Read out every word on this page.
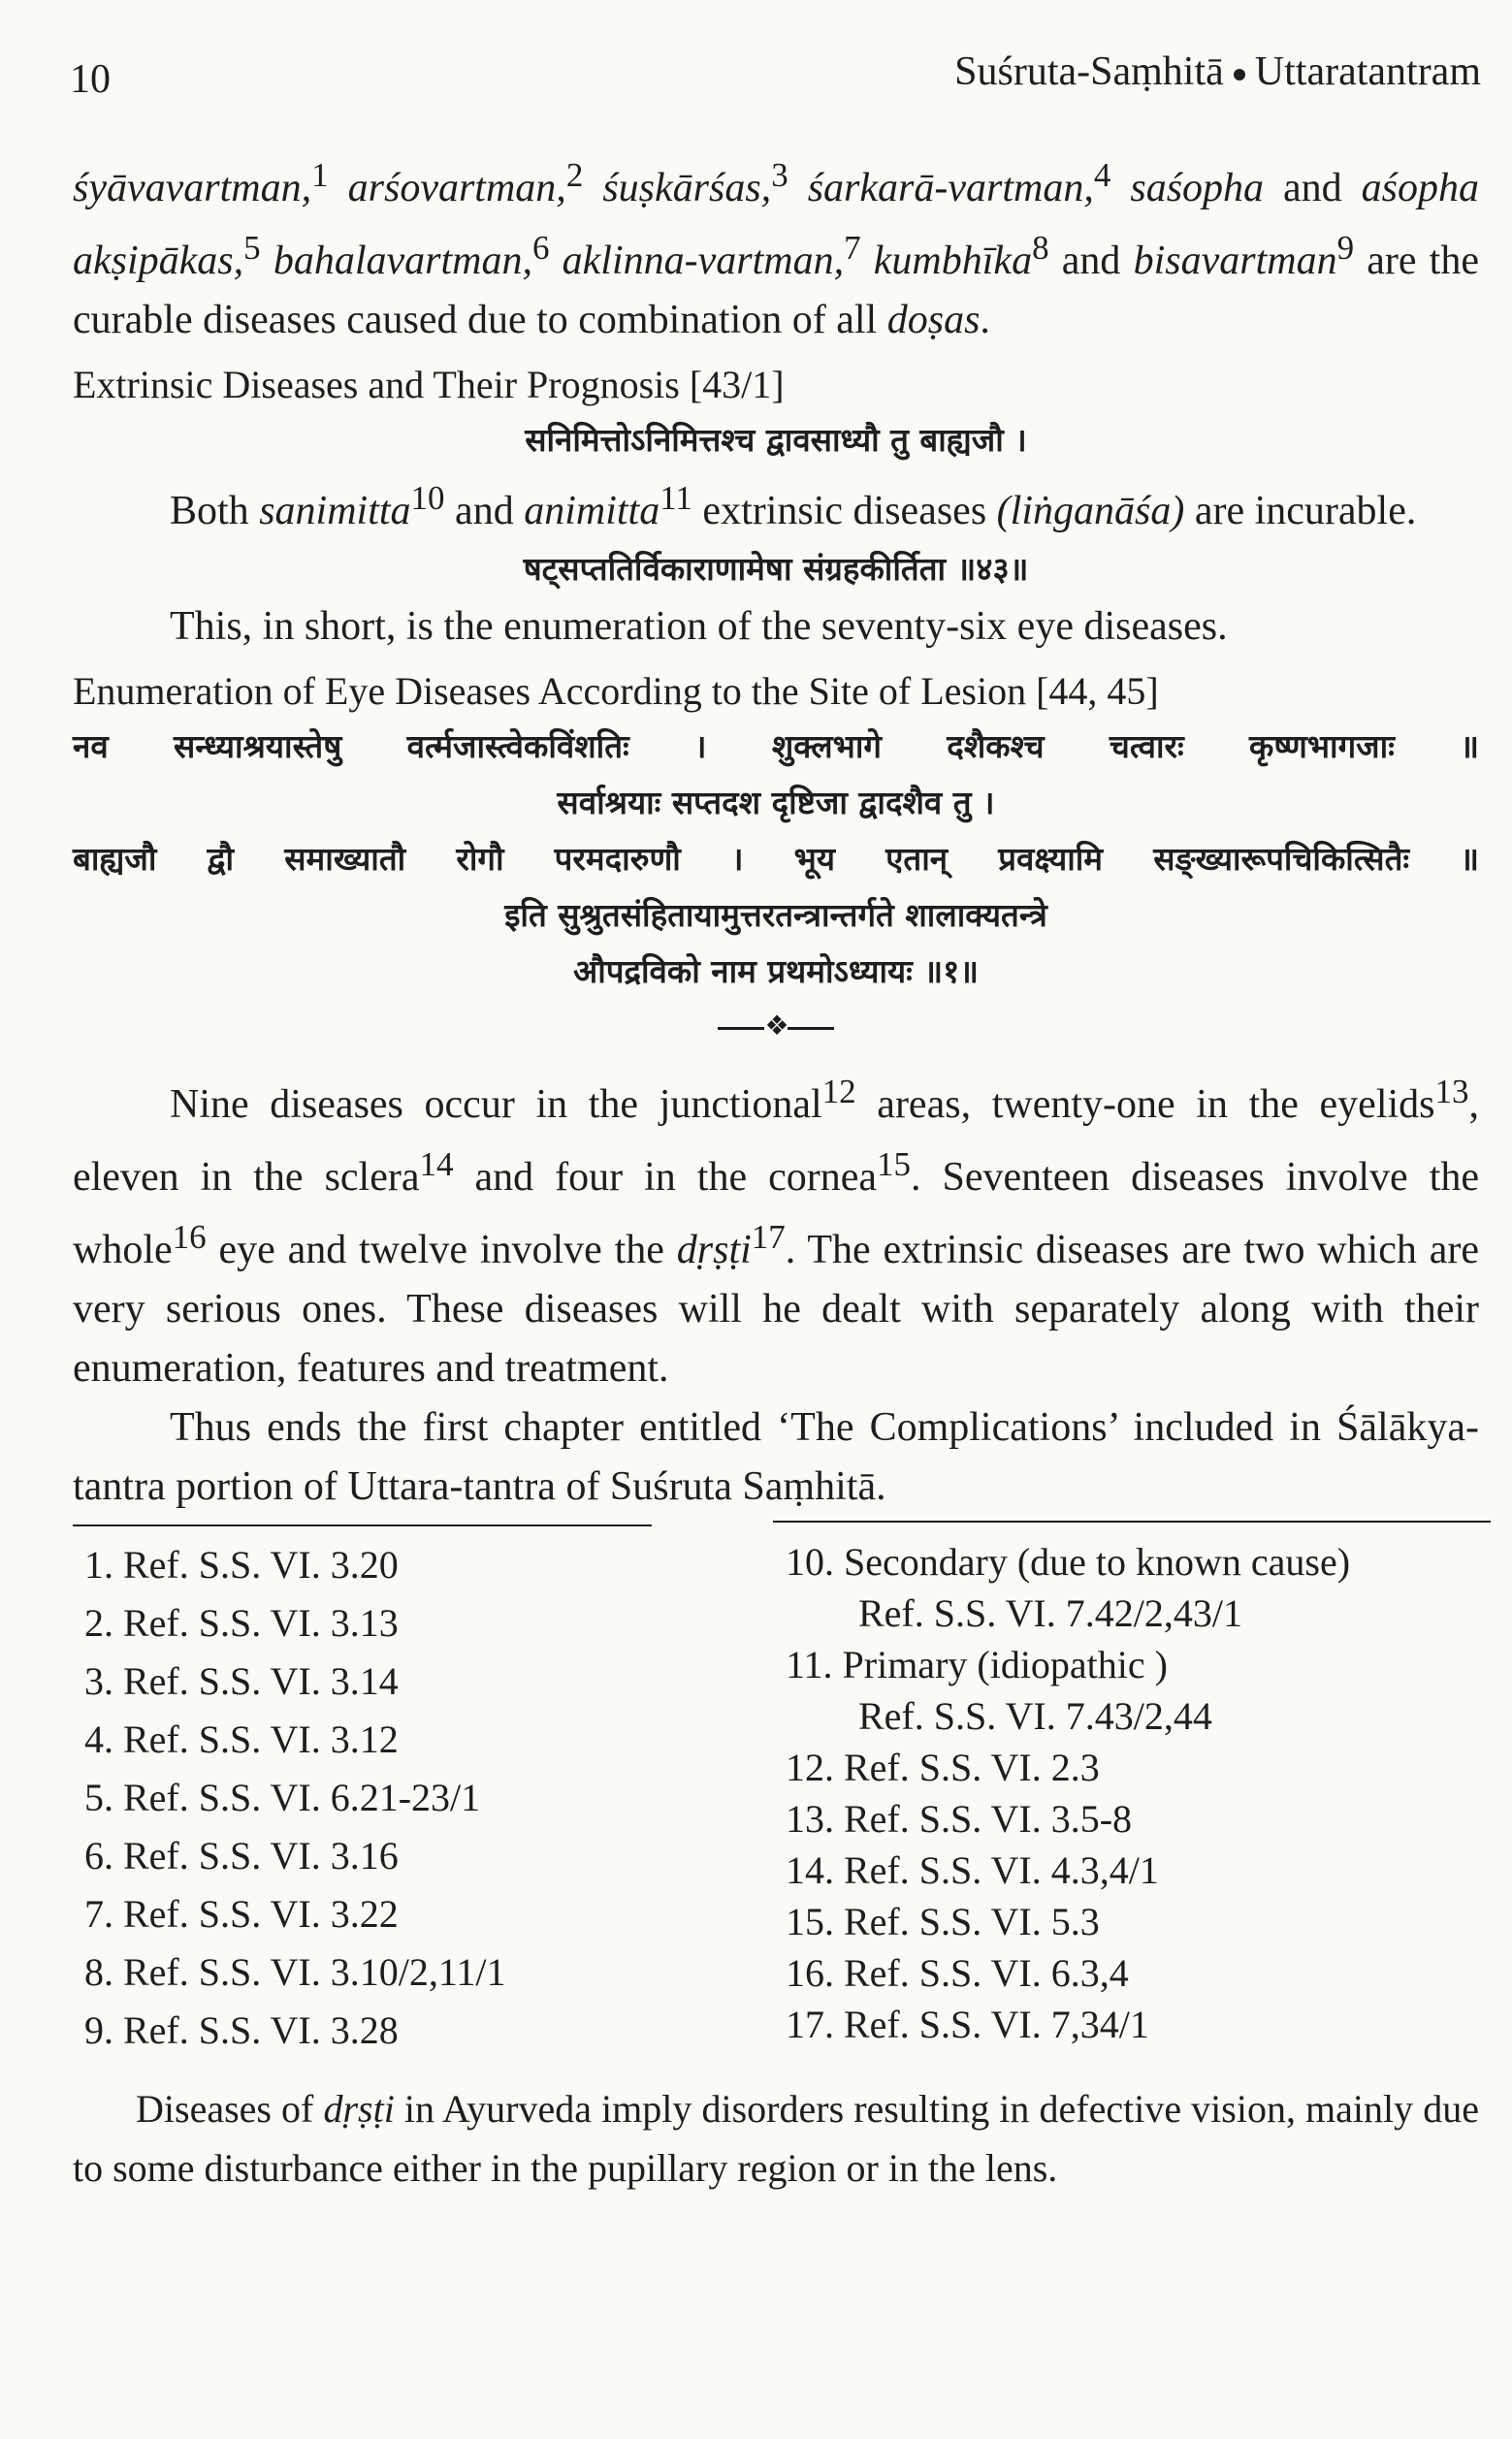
10	Suśruta-Saṃhitā Uttaratantram

śyāvavartman,$^1$ arśovartman,$^2$ śuṣkārśas,$^3$ śarkarā-vartman,$^4$ saśopha and aśopha akṣipākas,$^5$ bahalavartman,$^6$ aklinna-vartman,$^7$ kumbhīka$^8$ and bisavartman$^9$ are the curable diseases caused due to combination of all doṣas.

Extrinsic Diseases and Their Prognosis [43/1]

सनिमित्तोऽनिमित्तश्च द्वावसाध्यौ तु बाह्यजौ ।

Both sanimitta$^{10}$ and animitta$^{11}$ extrinsic diseases (liṅganāśa) are incurable.

षट्सप्ततिर्विकाराणामेषा संग्रहकीर्तिता ॥४३॥

This, in short, is the enumeration of the seventy-six eye diseases.

Enumeration of Eye Diseases According to the Site of Lesion [44, 45]

नव सन्ध्याश्रयास्तेषु वर्त्मजास्त्वेकविंशतिः । शुक्लभागे दशैकश्च चत्वारः कृष्णभागजाः ॥

सर्वाश्रयाः सप्तदश दृष्टिजा द्वादशैव तु ।

बाह्यजौ द्वौ समाख्यातौ रोगौ परमदारुणौ । भूय एतान् प्रवक्ष्यामि सङ्ख्यारूपचिकित्सितैः ॥

इति सुश्रुतसंहितायामुत्तरतन्त्रान्तर्गते शालाक्यतन्त्रे

औपद्रविको नाम प्रथमोऽध्यायः ॥१॥

❖

Nine diseases occur in the junctional$^{12}$ areas, twenty-one in the eyelids$^{13}$, eleven in the sclera$^{14}$ and four in the cornea$^{15}$. Seventeen diseases involve the whole$^{16}$ eye and twelve involve the dṛṣṭi$^{17}$. The extrinsic diseases are two which are very serious ones. These diseases will he dealt with separately along with their enumeration, features and treatment.

Thus ends the first chapter entitled ‘The Complications’ included in Śālākya-tantra portion of Uttara-tantra of Suśruta Saṃhitā.

1. Ref. S.S. VI. 3.20
2. Ref. S.S. VI. 3.13
3. Ref. S.S. VI. 3.14
4. Ref. S.S. VI. 3.12
5. Ref. S.S. VI. 6.21-23/1
6. Ref. S.S. VI. 3.16
7. Ref. S.S. VI. 3.22
8. Ref. S.S. VI. 3.10/2,11/1
9. Ref. S.S. VI. 3.28
10. Secondary (due to known cause)
Ref. S.S. VI. 7.42/2,43/1
11. Primary (idiopathic )
Ref. S.S. VI. 7.43/2,44
12. Ref. S.S. VI. 2.3
13. Ref. S.S. VI. 3.5-8
14. Ref. S.S. VI. 4.3,4/1
15. Ref. S.S. VI. 5.3
16. Ref. S.S. VI. 6.3,4
17. Ref. S.S. VI. 7,34/1

Diseases of dṛṣṭi in Ayurveda imply disorders resulting in defective vision, mainly due to some disturbance either in the pupillary region or in the lens.
